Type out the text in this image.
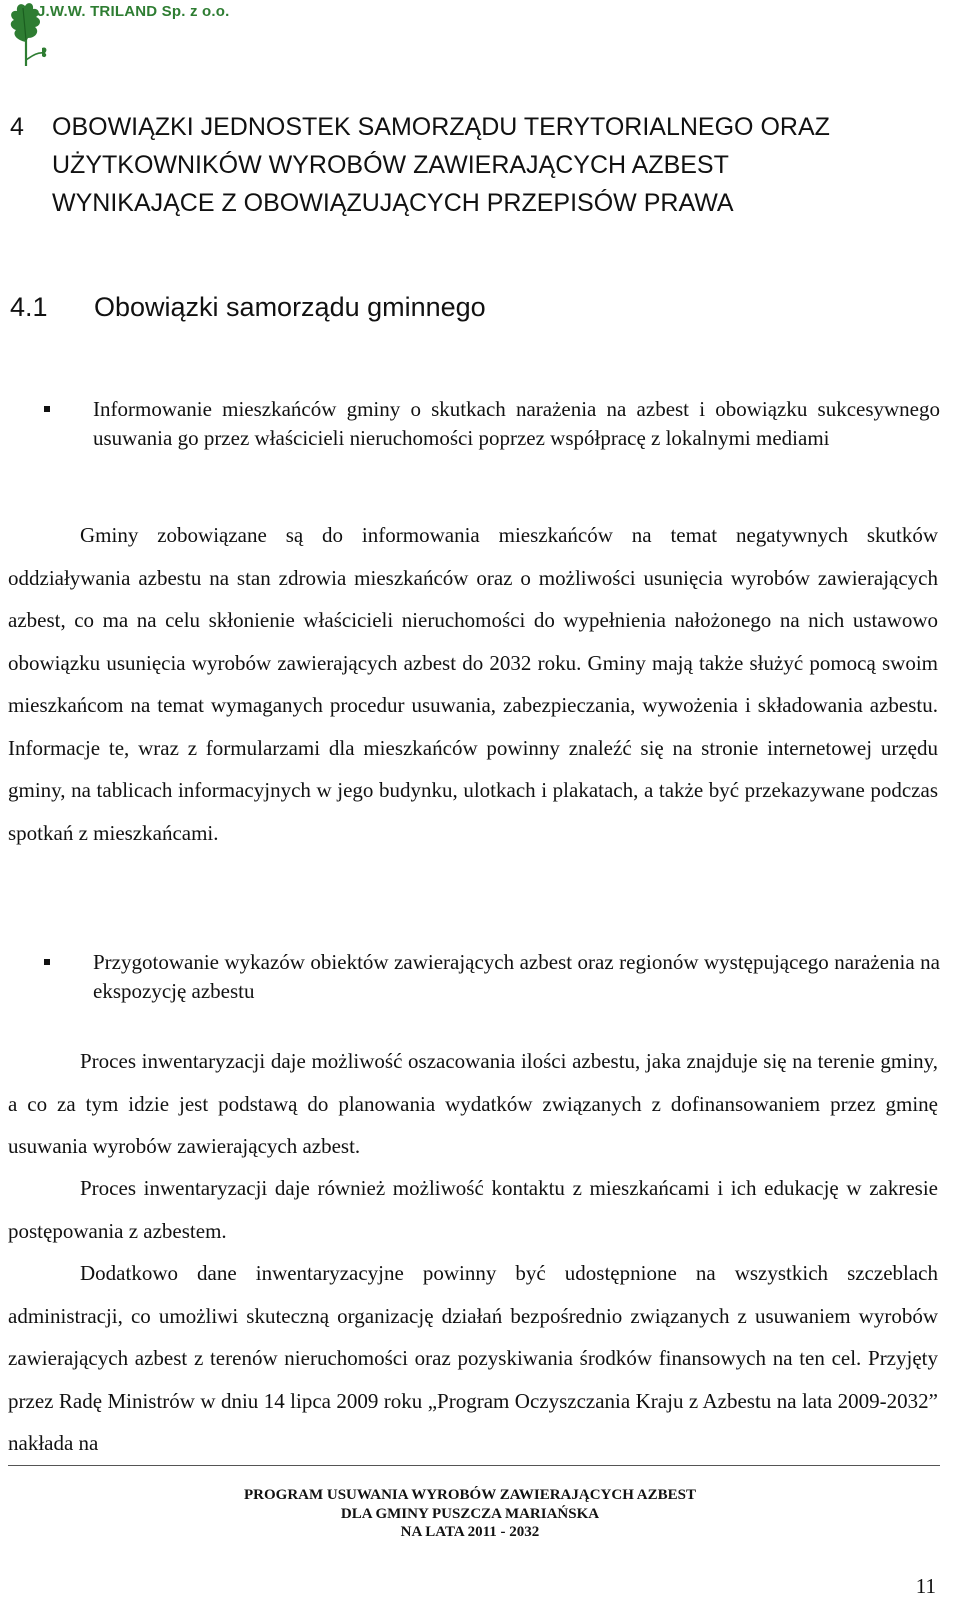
J.W.W. TRILAND Sp. z o.o.
4 OBOWIĄZKI JEDNOSTEK SAMORZĄDU TERYTORIALNEGO ORAZ
UŻYTKOWNIKÓW WYROBÓW ZAWIERAJĄCYCH AZBEST
WYNIKAJĄCE Z OBOWIĄZUJĄCYCH PRZEPISÓW PRAWA
4.1 Obowiązki samorządu gminnego
Informowanie mieszkańców gminy o skutkach narażenia na azbest i obowiązku sukcesywnego usuwania go przez właścicieli nieruchomości poprzez współpracę z lokalnymi mediami
Gminy zobowiązane są do informowania mieszkańców na temat negatywnych skutków oddziaływania azbestu na stan zdrowia mieszkańców oraz o możliwości usunięcia wyrobów zawierających azbest, co ma na celu skłonienie właścicieli nieruchomości do wypełnienia nałożonego na nich ustawowo obowiązku usunięcia wyrobów zawierających azbest do 2032 roku. Gminy mają także służyć pomocą swoim mieszkańcom na temat wymaganych procedur usuwania, zabezpieczania, wywożenia i składowania azbestu. Informacje te, wraz z formularzami dla mieszkańców powinny znaleźć się na stronie internetowej urzędu gminy, na tablicach informacyjnych w jego budynku, ulotkach i plakatach, a także być przekazywane podczas spotkań z mieszkańcami.
Przygotowanie wykazów obiektów zawierających azbest oraz regionów występującego narażenia na ekspozycję azbestu
Proces inwentaryzacji daje możliwość oszacowania ilości azbestu, jaka znajduje się na terenie gminy, a co za tym idzie jest podstawą do planowania wydatków związanych z dofinansowaniem przez gminę usuwania wyrobów zawierających azbest.
Proces inwentaryzacji daje również możliwość kontaktu z mieszkańcami i ich edukację w zakresie postępowania z azbestem.
Dodatkowo dane inwentaryzacyjne powinny być udostępnione na wszystkich szczeblach administracji, co umożliwi skuteczną organizację działań bezpośrednio związanych z usuwaniem wyrobów zawierających azbest z terenów nieruchomości oraz pozyskiwania środków finansowych na ten cel. Przyjęty przez Radę Ministrów w dniu 14 lipca 2009 roku „Program Oczyszczania Kraju z Azbestu na lata 2009-2032” nakłada na
PROGRAM USUWANIA WYROBÓW ZAWIERAJĄCYCH AZBEST
DLA GMINY PUSZCZA MARIAŃSKA
NA LATA 2011 - 2032
11
